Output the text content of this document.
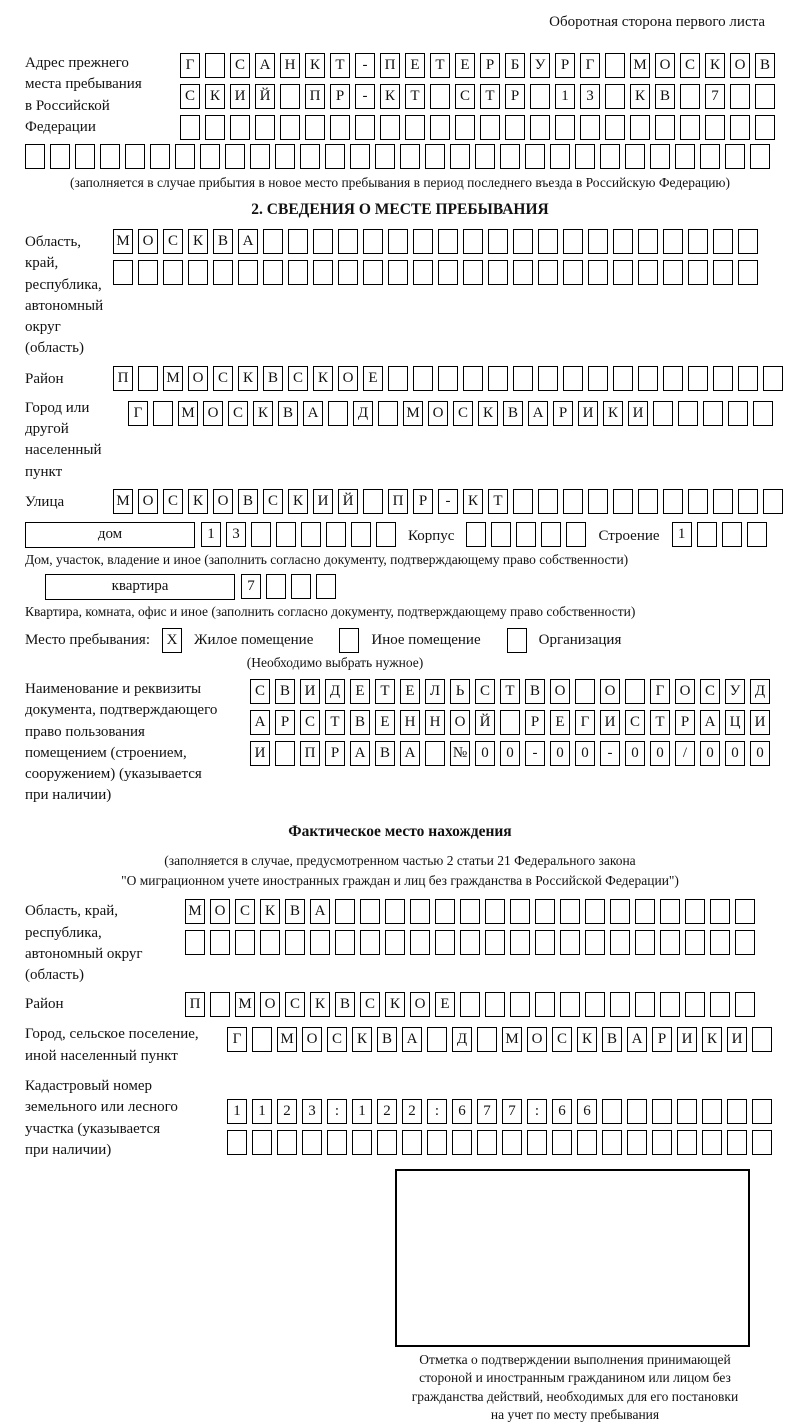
Оборотная сторона первого листа
Адрес прежнего
места пребывания
в Российской
Федерации
Г	С А Н К	Т	-	П Е	Т	Е	Р	Б	У	Р	Г	М О С К О В
С К И Й	П	Р	-	К	Т	С	Т	Р	1	3	К В	7
(заполняется в случае прибытия в новое место пребывания в период последнего въезда в Российскую Федерацию)
2. СВЕДЕНИЯ О МЕСТЕ ПРЕБЫВАНИЯ
Область, край,
республика,
автономный
округ (область)
М О С К В А
Район	П	М О С К В С К О Е
Город или другой
населенный пункт
Г	М О С К В А	Д	М О С К В А	Р	И К И
Улица	М О С К О В С К И Й	П	Р	-	К	Т
дом	1	3	Корпус	Строение	1
Дом, участок, владение и иное (заполнить согласно документу, подтверждающему право собственности)
квартира	7
Квартира, комната, офис и иное (заполнить согласно документу, подтверждающему право собственности)
Место пребывания:	X	Жилое помещение	Иное помещение	Организация
(Необходимо выбрать нужное)
Наименование и реквизиты
документа, подтверждающего
право пользования
помещением (строением,
сооружением) (указывается
при наличии)
С В И Д	Е	Т	Е	Л	Ь	С	Т	В О	О	Г	О С У Д
А	Р	С	Т	В	Е	Н Н О Й	Р	Е	Г	И С	Т	Р	А Ц И
И	П	Р	А В А	№ 0	0	-	0	0	-	0	0	/	0	0	0
Фактическое место нахождения
(заполняется в случае, предусмотренном частью 2 статьи 21 Федерального закона
"О миграционном учете иностранных граждан и лиц без гражданства в Российской Федерации")
Область, край,
республика,
автономный округ
(область)
М О С К В А
Район	П	М О С К В С К О Е
Город, сельское поселение,
иной населенный пункт
Г	М О С К В А	Д	М О С К В А	Р	И К И
Кадастровый номер
земельного или лесного
участка (указывается
при наличии)
1	1	2	3	:	1	2	2	:	6	7	7	:	6	6
Отметка о подтверждении выполнения принимающей
стороной и иностранным гражданином или лицом без
гражданства действий, необходимых для его постановки
на учет по месту пребывания
